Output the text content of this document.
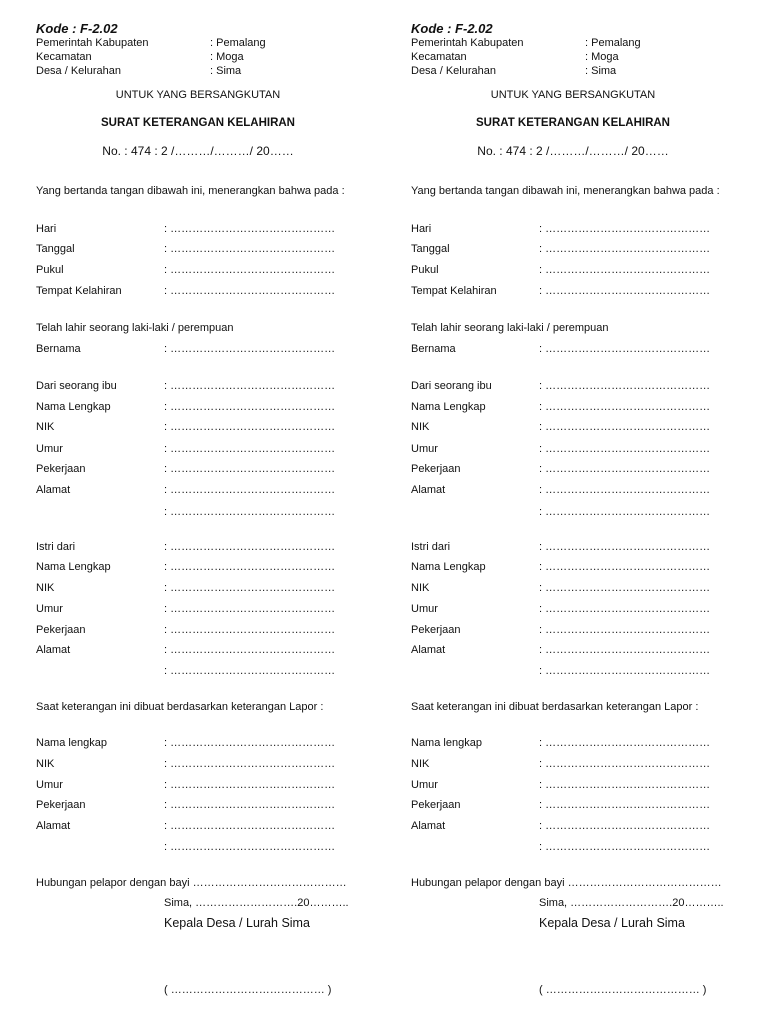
Kode : F-2.02
Pemerintah Kabupaten	: Pemalang
Kecamatan	: Moga
Desa / Kelurahan	: Sima
UNTUK YANG BERSANGKUTAN
SURAT KETERANGAN KELAHIRAN
No. : 474 : 2 /………/………/ 20……
Yang bertanda tangan dibawah ini, menerangkan bahwa pada :
Hari	: ………………………………………
Tanggal	: ………………………………………
Pukul	: ………………………………………
Tempat Kelahiran	: ………………………………………
Telah lahir seorang laki-laki / perempuan
Bernama	: ………………………………………
Dari seorang ibu	: ………………………………………
Nama Lengkap	: ………………………………………
NIK	: ………………………………………
Umur	: ………………………………………
Pekerjaan	: ………………………………………
Alamat	: ………………………………………
: ………………………………………
Istri dari	: ………………………………………
Nama Lengkap	: ………………………………………
NIK	: ………………………………………
Umur	: ………………………………………
Pekerjaan	: ………………………………………
Alamat	: ………………………………………
: ………………………………………
Saat keterangan ini dibuat berdasarkan keterangan Lapor :
Nama lengkap	: ………………………………………
NIK	: ………………………………………
Umur	: ………………………………………
Pekerjaan	: ………………………………………
Alamat	: ………………………………………
: ………………………………………
Hubungan pelapor dengan bayi ……………………………………
Sima, ……………………….20………..
Kepala Desa / Lurah Sima
( …………………………………… )
Kode : F-2.02
Pemerintah Kabupaten	: Pemalang
Kecamatan	: Moga
Desa / Kelurahan	: Sima
UNTUK YANG BERSANGKUTAN
SURAT KETERANGAN KELAHIRAN
No. : 474 : 2 /………/………/ 20……
Yang bertanda tangan dibawah ini, menerangkan bahwa pada :
Hari	: ………………………………………
Tanggal	: ………………………………………
Pukul	: ………………………………………
Tempat Kelahiran	: ………………………………………
Telah lahir seorang laki-laki / perempuan
Bernama	: ………………………………………
Dari seorang ibu	: ………………………………………
Nama Lengkap	: ………………………………………
NIK	: ………………………………………
Umur	: ………………………………………
Pekerjaan	: ………………………………………
Alamat	: ………………………………………
: ………………………………………
Istri dari	: ………………………………………
Nama Lengkap	: ………………………………………
NIK	: ………………………………………
Umur	: ………………………………………
Pekerjaan	: ………………………………………
Alamat	: ………………………………………
: ………………………………………
Saat keterangan ini dibuat berdasarkan keterangan Lapor :
Nama lengkap	: ………………………………………
NIK	: ………………………………………
Umur	: ………………………………………
Pekerjaan	: ………………………………………
Alamat	: ………………………………………
: ………………………………………
Hubungan pelapor dengan bayi ……………………………………
Sima, ……………………….20………..
Kepala Desa / Lurah Sima
( …………………………………… )
